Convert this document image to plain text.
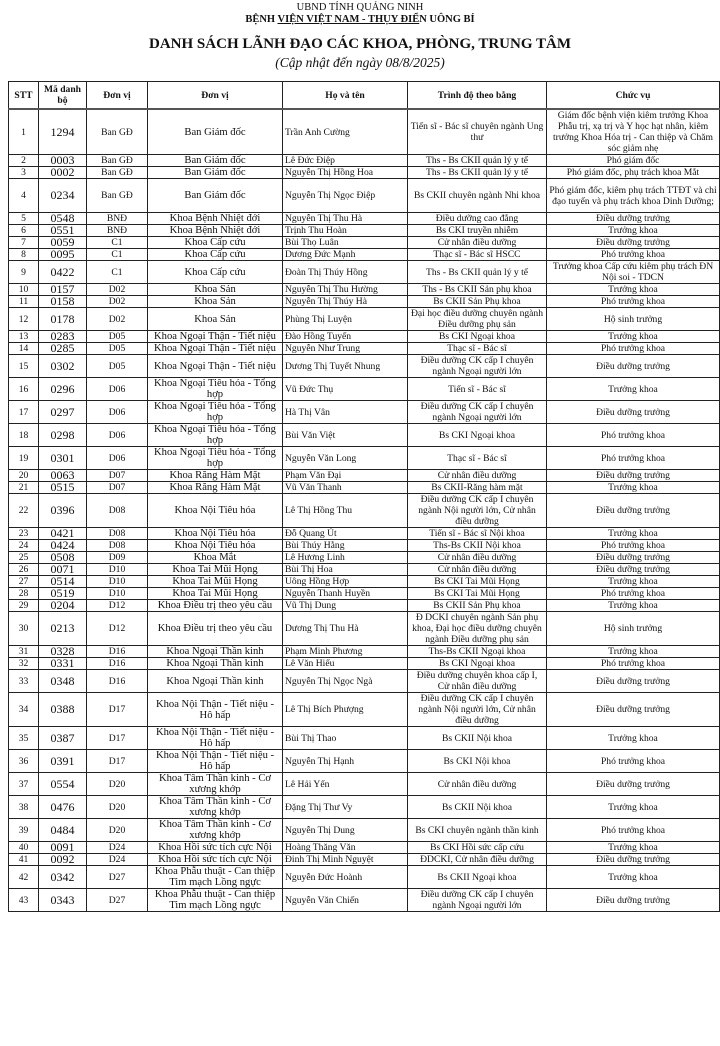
UBND TỈNH QUẢNG NINH
BỆNH VIỆN VIỆT NAM - THỤY ĐIỂN UÔNG BÍ
DANH SÁCH LÃNH ĐẠO CÁC KHOA, PHÒNG, TRUNG TÂM
(Cập nhật đến ngày 08/8/2025)
STT	Mã danh bộ	Đơn vị	Đơn vị	Họ và tên	Trình độ theo bằng	Chức vụ
1	1294	Ban GĐ	Ban Giám đốc	Trần Anh Cường	Tiến sĩ - Bác sĩ chuyên ngành Ung thư	Giám đốc bệnh viện kiêm trưởng Khoa Phẫu trị, xạ trị và Y học hạt nhân, kiêm trưởng Khoa Hóa trị - Can thiệp và Chăm sóc giảm nhẹ
2	0003	Ban GĐ	Ban Giám đốc	Lê Đức Điệp	Ths - Bs CKII quản lý y tế	Phó giám đốc
3	0002	Ban GĐ	Ban Giám đốc	Nguyễn Thị Hồng Hoa	Ths - Bs CKII quản lý y tế	Phó giám đốc, phụ trách khoa Mắt
4	0234	Ban GĐ	Ban Giám đốc	Nguyễn Thị Ngọc Điệp	Bs CKII chuyên ngành Nhi khoa	Phó giám đốc, kiêm phụ trách TTĐT và chỉ đạo tuyến và phụ trách khoa Dinh Dưỡng;
5	0548	BNĐ	Khoa Bệnh Nhiệt đới	Nguyễn Thị Thu Hà	Điều dưỡng cao đẳng	Điều dưỡng trưởng
6	0551	BNĐ	Khoa Bệnh Nhiệt đới	Trịnh Thu Hoàn	Bs CKI truyền nhiễm	Trưởng khoa
7	0059	C1	Khoa Cấp cứu	Bùi Thọ Luân	Cử nhân điều dưỡng	Điều dưỡng trưởng
8	0095	C1	Khoa Cấp cứu	Dương Đức Mạnh	Thạc sĩ - Bác sĩ HSCC	Phó trưởng khoa
9	0422	C1	Khoa Cấp cứu	Đoàn Thị Thúy Hồng	Ths - Bs CKII quản lý y tế	Trưởng khoa Cấp cứu kiêm phụ trách ĐN Nội soi - TDCN
10	0157	D02	Khoa Sản	Nguyễn Thị Thu Hường	Ths - Bs CKII Sản phụ khoa	Trưởng khoa
11	0158	D02	Khoa Sản	Nguyễn Thị Thúy Hà	Bs CKII Sản Phụ khoa	Phó trưởng khoa
12	0178	D02	Khoa Sản	Phùng Thị Luyện	Đại học điều dưỡng chuyên ngành Điều dưỡng phụ sản	Hộ sinh trưởng
13	0283	D05	Khoa Ngoại Thận - Tiết niệu	Đào Hồng Tuyến	Bs CKI Ngoại khoa	Trưởng khoa
14	0285	D05	Khoa Ngoại Thận - Tiết niệu	Nguyễn Như Trung	Thạc sĩ - Bác sĩ	Phó trưởng khoa
15	0302	D05	Khoa Ngoại Thận - Tiết niệu	Dương Thị Tuyết Nhung	Điều dưỡng CK cấp I chuyên ngành Ngoại người lớn	Điều dưỡng trưởng
16	0296	D06	Khoa Ngoại Tiêu hóa - Tổng hợp	Vũ Đức Thụ	Tiến sĩ - Bác sĩ	Trưởng khoa
17	0297	D06	Khoa Ngoại Tiêu hóa - Tổng hợp	Hà Thị Vân	Điều dưỡng CK cấp I chuyên ngành Ngoại người lớn	Điều dưỡng trưởng
18	0298	D06	Khoa Ngoại Tiêu hóa - Tổng hợp	Bùi Văn Việt	Bs CKI Ngoại khoa	Phó trưởng khoa
19	0301	D06	Khoa Ngoại Tiêu hóa - Tổng hợp	Nguyễn Văn Long	Thạc sĩ - Bác sĩ	Phó trưởng khoa
20	0063	D07	Khoa Răng Hàm Mặt	Phạm Văn Đại	Cử nhân điều dưỡng	Điều dưỡng trưởng
21	0515	D07	Khoa Răng Hàm Mặt	Vũ Văn Thanh	Bs CKII-Răng hàm mặt	Trưởng khoa
22	0396	D08	Khoa Nội Tiêu hóa	Lê Thị Hồng Thu	Điều dưỡng CK cấp I chuyên ngành Nội người lớn, Cử nhân điều dưỡng	Điều dưỡng trưởng
23	0421	D08	Khoa Nội Tiêu hóa	Đỗ Quang Út	Tiến sĩ - Bác sĩ Nội khoa	Trưởng khoa
24	0424	D08	Khoa Nội Tiêu hóa	Bùi Thúy Hằng	Ths-Bs CKII Nội khoa	Phó trưởng khoa
25	0508	D09	Khoa Mắt	Lê Hương Linh	Cử nhân điều dưỡng	Điều dưỡng trưởng
26	0071	D10	Khoa Tai Mũi Họng	Bùi Thị Hoa	Cử nhân điều dưỡng	Điều dưỡng trưởng
27	0514	D10	Khoa Tai Mũi Họng	Uông Hồng Hợp	Bs CKI Tai Mũi Họng	Trưởng khoa
28	0519	D10	Khoa Tai Mũi Họng	Nguyễn Thanh Huyền	Bs CKI Tai Mũi Họng	Phó trưởng khoa
29	0204	D12	Khoa Điều trị theo yêu cầu	Vũ Thị Dung	Bs CKII Sản Phụ khoa	Trưởng khoa
30	0213	D12	Khoa Điều trị theo yêu cầu	Dương Thị Thu Hà	Đ DCKI chuyên ngành Sản phụ khoa, Đại học điều dưỡng chuyên ngành Điều dưỡng phụ sản	Hộ sinh trưởng
31	0328	D16	Khoa Ngoại Thần kinh	Phạm Minh Phương	Ths-Bs CKII Ngoại khoa	Trưởng khoa
32	0331	D16	Khoa Ngoại Thần kinh	Lê Văn Hiếu	Bs CKI Ngoại khoa	Phó trưởng khoa
33	0348	D16	Khoa Ngoại Thần kinh	Nguyễn Thị Ngọc Ngà	Điều dưỡng chuyên khoa cấp I, Cử nhân điều dưỡng	Điều dưỡng trưởng
34	0388	D17	Khoa Nội Thận - Tiết niệu - Hô hấp	Lê Thị Bích Phượng	Điều dưỡng CK cấp I chuyên ngành Nội người lớn, Cử nhân điều dưỡng	Điều dưỡng trưởng
35	0387	D17	Khoa Nội Thận - Tiết niệu - Hô hấp	Bùi Thị Thao	Bs CKII Nội khoa	Trưởng khoa
36	0391	D17	Khoa Nội Thận - Tiết niệu - Hô hấp	Nguyễn Thị Hạnh	Bs CKI Nội khoa	Phó trưởng khoa
37	0554	D20	Khoa Tâm Thần kinh - Cơ xương khớp	Lê Hải Yến	Cử nhân điều dưỡng	Điều dưỡng trưởng
38	0476	D20	Khoa Tâm Thần kinh - Cơ xương khớp	Đặng Thị Thư Vy	Bs CKII Nội khoa	Trưởng khoa
39	0484	D20	Khoa Tâm Thần kinh - Cơ xương khớp	Nguyễn Thị Dung	Bs CKI chuyên ngành thần kinh	Phó trưởng khoa
40	0091	D24	Khoa Hồi sức tích cực Nội	Hoàng Thăng Văn	Bs CKI Hồi sức cấp cứu	Trưởng khoa
41	0092	D24	Khoa Hồi sức tích cực Nội	Đinh Thị Minh Nguyệt	ĐDCKI, Cử nhân điều dưỡng	Điều dưỡng trưởng
42	0342	D27	Khoa Phẫu thuật - Can thiệp Tim mạch Lồng ngực	Nguyễn Đức Hoành	Bs CKII Ngoại khoa	Trưởng khoa
43	0343	D27	Khoa Phẫu thuật - Can thiệp Tim mạch Lồng ngực	Nguyễn Văn Chiến	Điều dưỡng CK cấp I chuyên ngành Ngoại người lớn	Điều dưỡng trưởng
